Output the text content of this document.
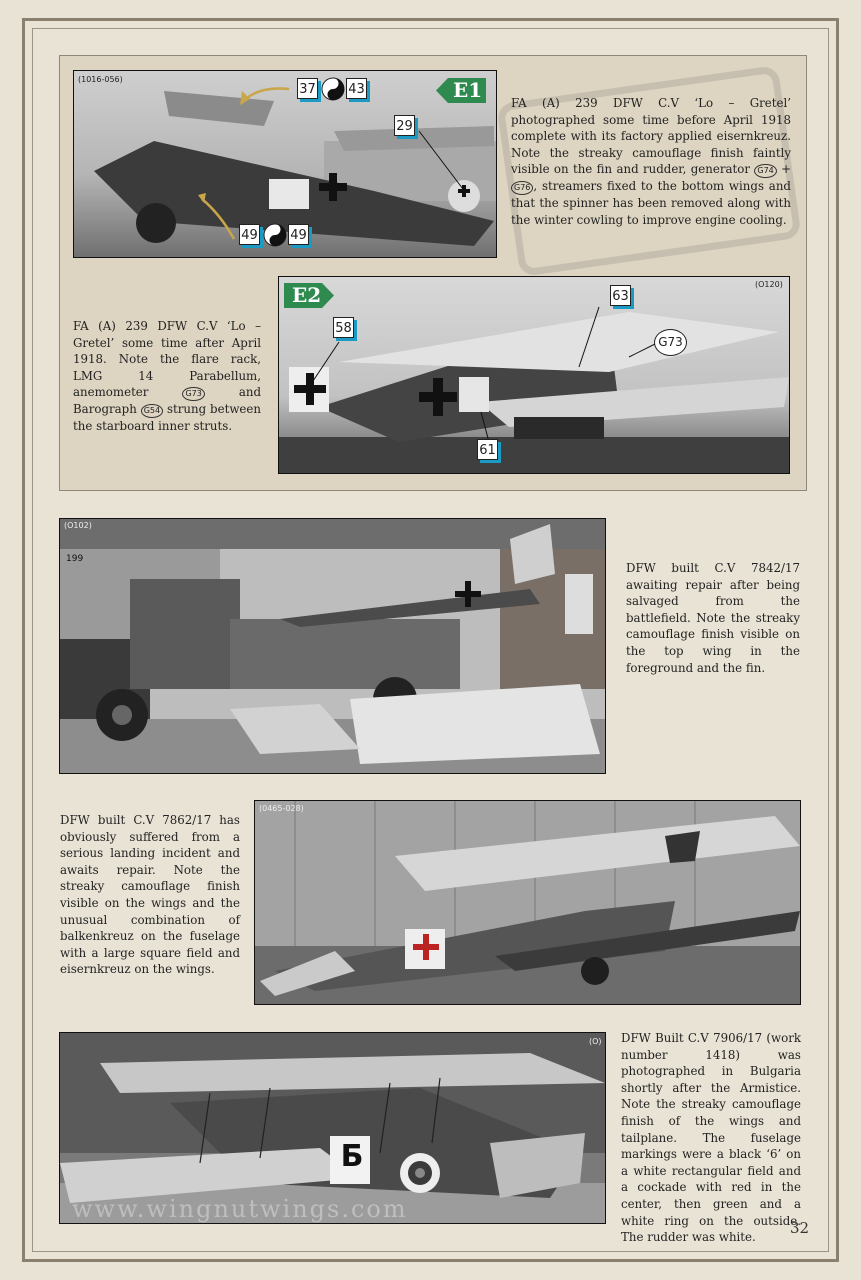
(1016-056)	E1
37 43
29
49 49
FA (A) 239 DFW C.V ‘Lo – Gretel’ photographed some time before April 1918 complete with its factory applied eisernkreuz. Note the streaky camouflage finish faintly visible on the fin and rudder, generator G74 + G76 , streamers fixed to the bottom wings and that the spinner has been removed along with the winter cowling to improve engine cooling.
(O120)
E2
58
63
G73
61
FA (A) 239 DFW C.V ‘Lo – Gretel’ some time after April 1918. Note the flare rack, LMG 14 Parabellum, anemometer	G73 and Barograph G54 strung between the starboard inner struts.
(O102)
199
DFW built C.V 7842/17 awaiting repair after being salvaged from the battlefield. Note the streaky camouflage finish visible on the top wing in the foreground and the fin.
(0465-028)
DFW built C.V 7862/17 has obviously suffered from a serious landing incident and awaits repair. Note the streaky camouflage finish visible on the wings and the unusual combination of balkenkreuz on the fuselage with a large square field and eisernkreuz on the wings.
(O)
Б
www.wingnutwings.com
DFW Built C.V 7906/17 (work number 1418) was photographed in Bulgaria shortly after the Armistice. Note the streaky camouflage finish of the wings and tailplane. The fuselage markings were a black ‘6’ on a white rectangular field and a cockade with red in the center, then green and a white ring on the outside. The rudder was white.
32
